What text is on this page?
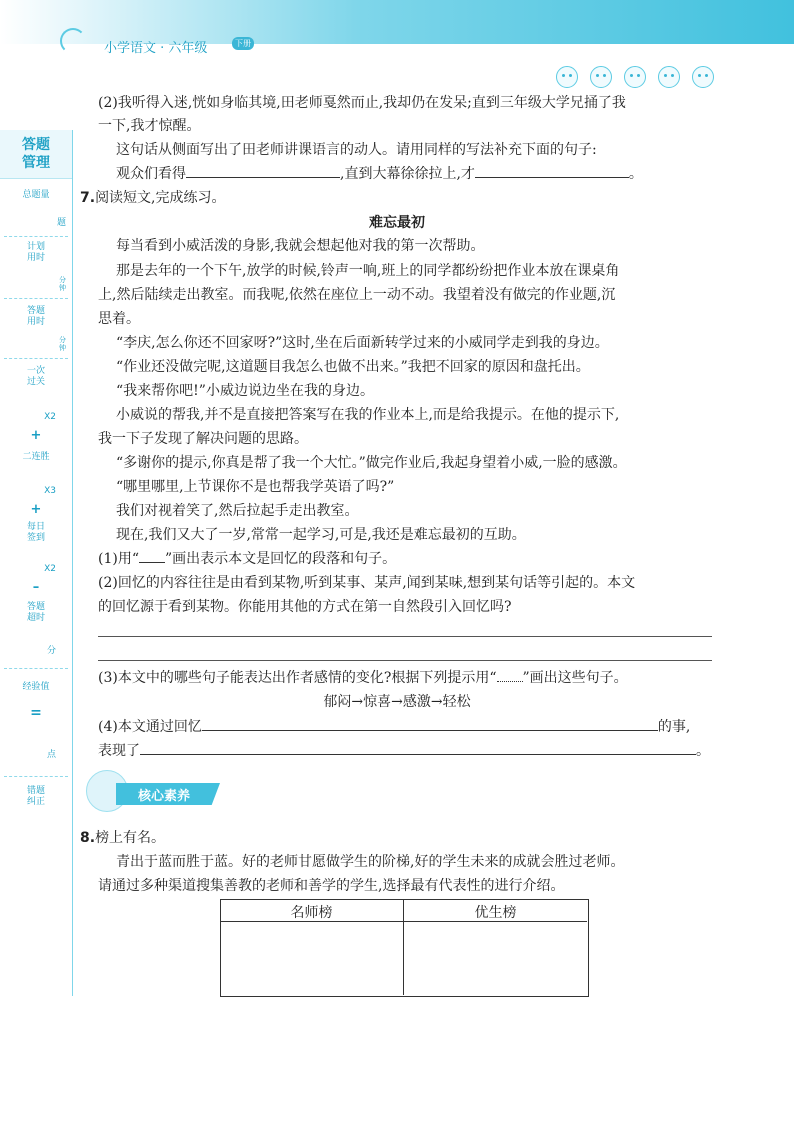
小学语文 · 六年级	下册
答题
管理
总题量
题
计划
用时
分
钟
答题
用时
分
钟
一次
过关
X2
+
二连胜
X3
+
每日
签到
X2
–
答题
超时
分
经验值
=
点
错题
纠正
(2)我听得入迷,恍如身临其境,田老师戛然而止,我却仍在发呆;直到三年级大学兄捅了我
一下,我才惊醒。
这句话从侧面写出了田老师讲课语言的动人。请用同样的写法补充下面的句子:
观众们看得	,直到大幕徐徐拉上,才	。
7.阅读短文,完成练习。
难忘最初
每当看到小威活泼的身影,我就会想起他对我的第一次帮助。
那是去年的一个下午,放学的时候,铃声一响,班上的同学都纷纷把作业本放在课桌角
上,然后陆续走出教室。而我呢,依然在座位上一动不动。我望着没有做完的作业题,沉
思着。
“李庆,怎么你还不回家呀?”这时,坐在后面新转学过来的小威同学走到我的身边。
“作业还没做完呢,这道题目我怎么也做不出来。”我把不回家的原因和盘托出。
“我来帮你吧!”小威边说边坐在我的身边。
小威说的帮我,并不是直接把答案写在我的作业本上,而是给我提示。在他的提示下,
我一下子发现了解决问题的思路。
“多谢你的提示,你真是帮了我一个大忙。”做完作业后,我起身望着小威,一脸的感激。
“哪里哪里,上节课你不是也帮我学英语了吗?”
我们对视着笑了,然后拉起手走出教室。
现在,我们又大了一岁,常常一起学习,可是,我还是难忘最初的互助。
(1)用“ ”画出表示本文是回忆的段落和句子。
(2)回忆的内容往往是由看到某物,听到某事、某声,闻到某味,想到某句话等引起的。本文
的回忆源于看到某物。你能用其他的方式在第一自然段引入回忆吗?
(3)本文中的哪些句子能表达出作者感情的变化?根据下列提示用“ ”画出这些句子。
郁闷→惊喜→感激→轻松
(4)本文通过回忆	的事,
表现了	。
核心素养
8.榜上有名。
青出于蓝而胜于蓝。好的老师甘愿做学生的阶梯,好的学生未来的成就会胜过老师。
请通过多种渠道搜集善教的老师和善学的学生,选择最有代表性的进行介绍。
名师榜	优生榜
